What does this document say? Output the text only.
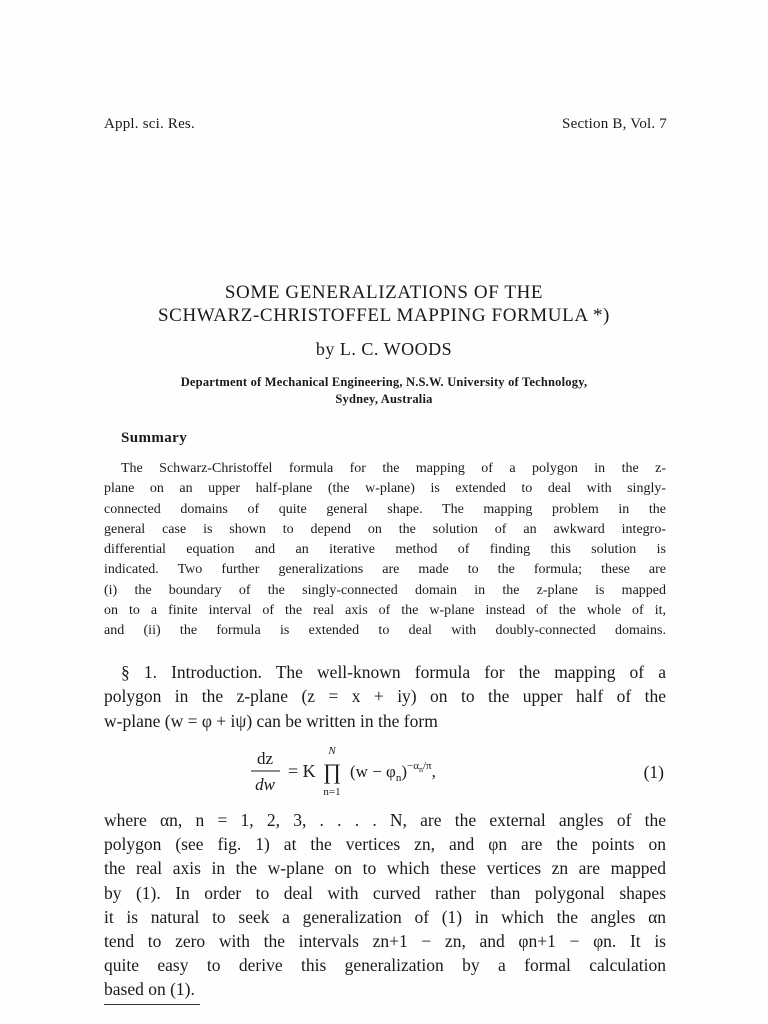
Appl. sci. Res.	Section B, Vol. 7
SOME GENERALIZATIONS OF THE
SCHWARZ-CHRISTOFFEL MAPPING FORMULA *)
by L. C. WOODS
Department of Mechanical Engineering, N.S.W. University of Technology,
Sydney, Australia
Summary
The Schwarz-Christoffel formula for the mapping of a polygon in the z-
plane on an upper half-plane (the w-plane) is extended to deal with singly-
connected domains of quite general shape. The mapping problem in the
general case is shown to depend on the solution of an awkward integro-
differential equation and an iterative method of finding this solution is
indicated. Two further generalizations are made to the formula; these are
(i) the boundary of the singly-connected domain in the z-plane is mapped
on to a finite interval of the real axis of the w-plane instead of the whole of it,
and (ii) the formula is extended to deal with doubly-connected domains.
§ 1. Introduction. The well-known formula for the mapping of a
polygon in the z-plane (z = x + iy) on to the upper half of the
w-plane (w = φ + iψ) can be written in the form
dz
dw
= K
N
∏
n=1
$(w - \varphi_n)^{-\alpha}n/\pi$,	(1)
where αn, n = 1, 2, 3, . . . . N, are the external angles of the
polygon (see fig. 1) at the vertices zn, and φn are the points on
the real axis in the w-plane on to which these vertices zn are mapped
by (1). In order to deal with curved rather than polygonal shapes
it is natural to seek a generalization of (1) in which the angles αn
tend to zero with the intervals zn+1 − zn, and φn+1 − φn. It is
quite easy to derive this generalization by a formal calculation
based on (1).
